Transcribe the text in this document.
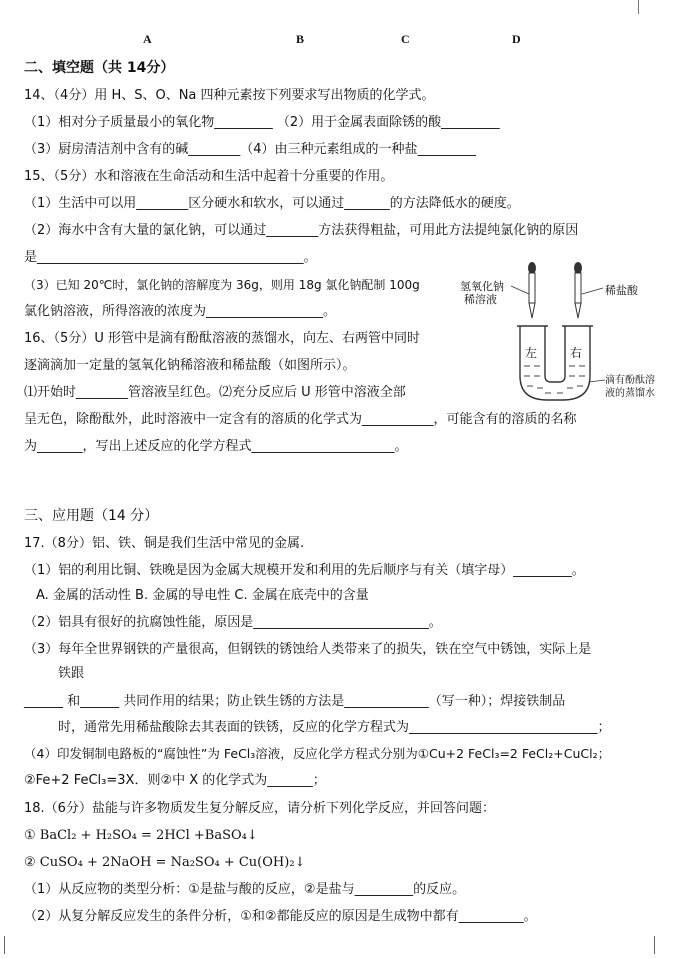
A	B	C	D
二、填空题（共 14分）
14、（4分）用 H、S、O、Na 四种元素按下列要求写出物质的化学式。
（1）相对分子质量最小的氧化物_________ （2）用于金属表面除锈的酸_________
（3）厨房清洁剂中含有的碱________（4）由三种元素组成的一种盐_________
15、（5分）水和溶液在生命活动和生活中起着十分重要的作用。
（1）生活中可以用________区分硬水和软水，可以通过_______的方法降低水的硬度。
（2）海水中含有大量的氯化钠，可以通过________方法获得粗盐，可用此方法提纯氯化钠的原因
是_________________________________________。
（3）已知 20℃时，氯化钠的溶解度为 36g，则用 18g 氯化钠配制 100g
氯化钠溶液，所得溶液的浓度为__________________。
16、（5分）U 形管中是滴有酚酞溶液的蒸馏水，向左、右两管中同时
逐滴滴加一定量的氢氧化钠稀溶液和稀盐酸（如图所示）。
⑴开始时________管溶液呈红色。⑵充分反应后 U 形管中溶液全部
呈无色，除酚酞外，此时溶液中一定含有的溶质的化学式为___________，可能含有的溶质的名称
为_______，写出上述反应的化学方程式______________________。
氢氧化钠
稀溶液
稀盐酸
左	右
滴有酚酞溶
液的蒸馏水
三、应用题（14 分）
17.（8分）铝、铁、铜是我们生活中常见的金属.
（1）铝的利用比铜、铁晚是因为金属大规模开发和利用的先后顺序与有关（填字母）_________。
A. 金属的活动性 B. 金属的导电性 C. 金属在底壳中的含量
（2）铝具有很好的抗腐蚀性能，原因是___________________________。
（3）每年全世界钢铁的产量很高，但钢铁的锈蚀给人类带来了的损失，铁在空气中锈蚀，实际上是
铁跟
______ 和______ 共同作用的结果；防止铁生锈的方法是_____________（写一种）；焊接铁制品
时，通常先用稀盐酸除去其表面的铁锈，反应的化学方程式为_____________________________；
（4）印发铜制电路板的“腐蚀性”为 FeCl₃溶液，反应化学方程式分别为①Cu+2 FeCl₃=2 FeCl₂+CuCl₂；
②Fe+2 FeCl₃=3X．则②中 X 的化学式为_______；
18.（6分）盐能与许多物质发生复分解反应，请分析下列化学反应，并回答问题：
① BaCl₂ + H₂SO₄ = 2HCl +BaSO₄↓
② CuSO₄ + 2NaOH = Na₂SO₄ + Cu(OH)₂↓
（1）从反应物的类型分析：①是盐与酸的反应，②是盐与_________的反应。
（2）从复分解反应发生的条件分析，①和②都能反应的原因是生成物中都有__________。
